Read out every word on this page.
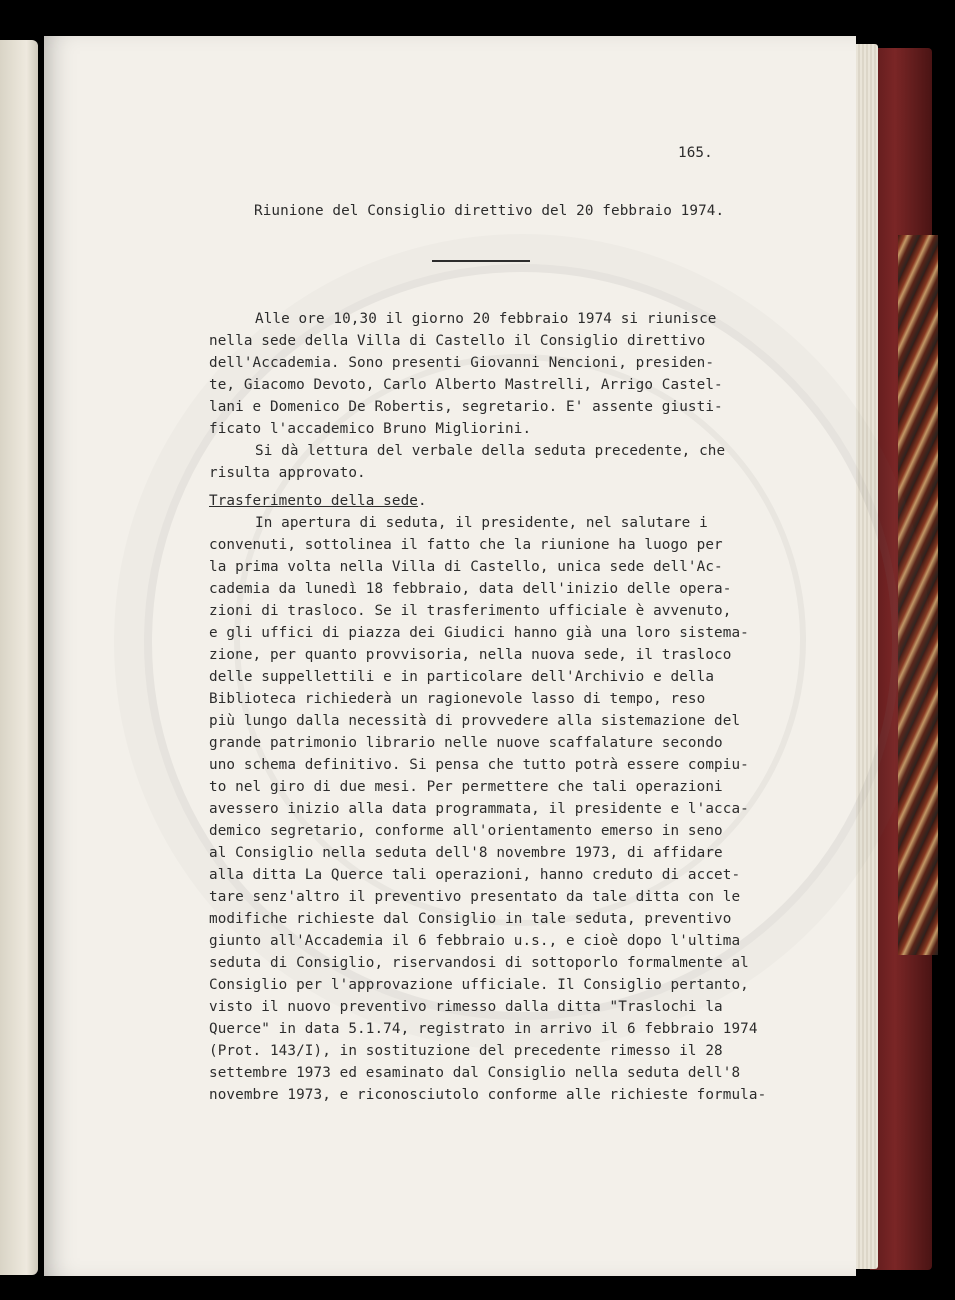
165.
Riunione del Consiglio direttivo del 20 febbraio 1974.
Alle ore 10,30 il giorno 20 febbraio 1974 si riunisce
nella sede della Villa di Castello il Consiglio direttivo
dell'Accademia. Sono presenti Giovanni Nencioni, presiden-
te, Giacomo Devoto, Carlo Alberto Mastrelli, Arrigo Castel-
lani e Domenico De Robertis, segretario. E' assente giusti-
ficato l'accademico Bruno Migliorini.
Si dà lettura del verbale della seduta precedente, che
risulta approvato.
Trasferimento della sede.
In apertura di seduta, il presidente, nel salutare i
convenuti, sottolinea il fatto che la riunione ha luogo per
la prima volta nella Villa di Castello, unica sede dell'Ac-
cademia da lunedì 18 febbraio, data dell'inizio delle opera-
zioni di trasloco. Se il trasferimento ufficiale è avvenuto,
e gli uffici di piazza dei Giudici hanno già una loro sistema-
zione, per quanto provvisoria, nella nuova sede, il trasloco
delle suppellettili e in particolare dell'Archivio e della
Biblioteca richiederà un ragionevole lasso di tempo, reso
più lungo dalla necessità di provvedere alla sistemazione del
grande patrimonio librario nelle nuove scaffalature secondo
uno schema definitivo. Si pensa che tutto potrà essere compiu-
to nel giro di due mesi. Per permettere che tali operazioni
avessero inizio alla data programmata, il presidente e l'acca-
demico segretario, conforme all'orientamento emerso in seno
al Consiglio nella seduta dell'8 novembre 1973, di affidare
alla ditta La Querce tali operazioni, hanno creduto di accet-
tare senz'altro il preventivo presentato da tale ditta con le
modifiche richieste dal Consiglio in tale seduta, preventivo
giunto all'Accademia il 6 febbraio u.s., e cioè dopo l'ultima
seduta di Consiglio, riservandosi di sottoporlo formalmente al
Consiglio per l'approvazione ufficiale. Il Consiglio pertanto,
visto il nuovo preventivo rimesso dalla ditta "Traslochi la
Querce" in data 5.1.74, registrato in arrivo il 6 febbraio 1974
(Prot. 143/I), in sostituzione del precedente rimesso il 28
settembre 1973 ed esaminato dal Consiglio nella seduta dell'8
novembre 1973, e riconosciutolo conforme alle richieste formula-
